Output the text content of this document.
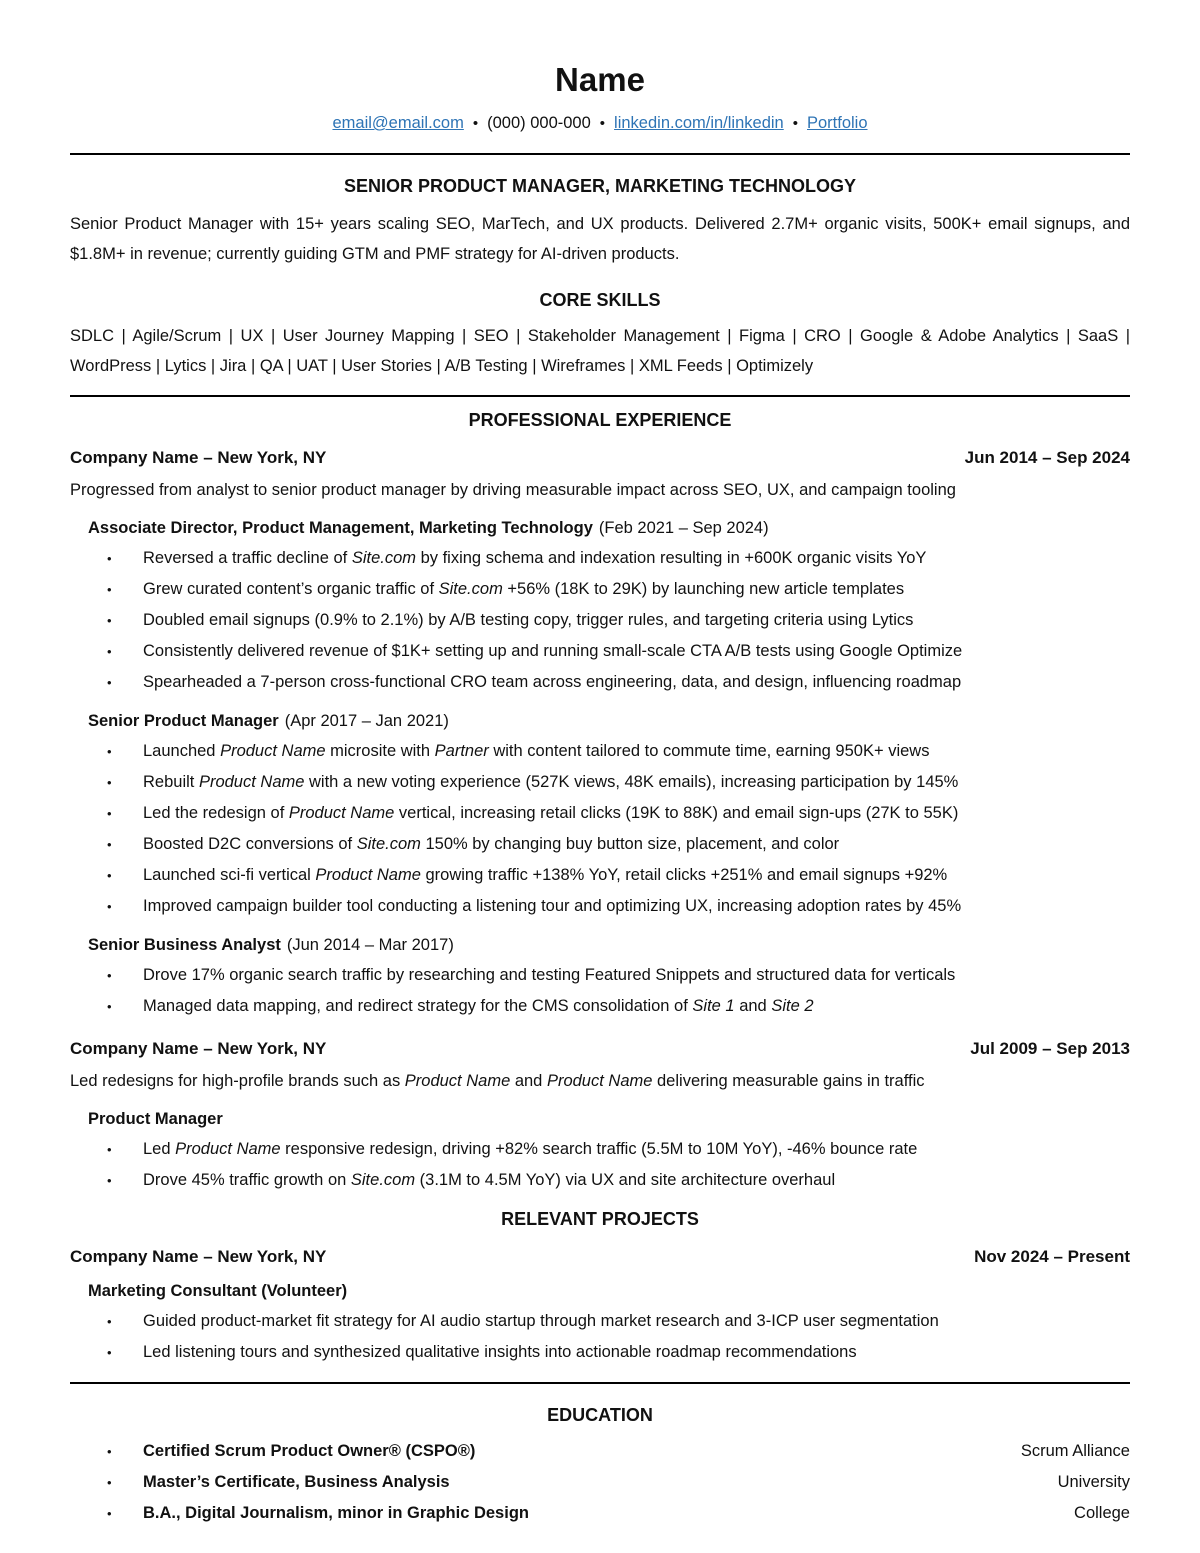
Name
email@email.com • (000) 000-000 • linkedin.com/in/linkedin • Portfolio
SENIOR PRODUCT MANAGER, MARKETING TECHNOLOGY

Senior Product Manager with 15+ years scaling SEO, MarTech, and UX products. Delivered 2.7M+ organic visits, 500K+ email signups, and $1.8M+ in revenue; currently guiding GTM and PMF strategy for AI-driven products.

CORE SKILLS

SDLC | Agile/Scrum | UX | User Journey Mapping | SEO | Stakeholder Management | Figma | CRO | Google & Adobe Analytics | SaaS | WordPress | Lytics | Jira | QA | UAT | User Stories | A/B Testing | Wireframes | XML Feeds | Optimizely

PROFESSIONAL EXPERIENCE
Company Name – New York, NY	Jun 2014 – Sep 2024

Progressed from analyst to senior product manager by driving measurable impact across SEO, UX, and campaign tooling

Associate Director, Product Management, Marketing Technology (Feb 2021 – Sep 2024)
•	Reversed a traffic decline of Site.com by fixing schema and indexation resulting in +600K organic visits YoY
•	Grew curated content’s organic traffic of Site.com +56% (18K to 29K) by launching new article templates
•	Doubled email signups (0.9% to 2.1%) by A/B testing copy, trigger rules, and targeting criteria using Lytics
•	Consistently delivered revenue of $1K+ setting up and running small-scale CTA A/B tests using Google Optimize
•	Spearheaded a 7-person cross-functional CRO team across engineering, data, and design, influencing roadmap
Senior Product Manager (Apr 2017 – Jan 2021)
•	Launched Product Name microsite with Partner with content tailored to commute time, earning 950K+ views
•	Rebuilt Product Name with a new voting experience (527K views, 48K emails), increasing participation by 145%
•	Led the redesign of Product Name vertical, increasing retail clicks (19K to 88K) and email sign-ups (27K to 55K)
•	Boosted D2C conversions of Site.com 150% by changing buy button size, placement, and color
•	Launched sci-fi vertical Product Name growing traffic +138% YoY, retail clicks +251% and email signups +92%
•	Improved campaign builder tool conducting a listening tour and optimizing UX, increasing adoption rates by 45%
Senior Business Analyst (Jun 2014 – Mar 2017)
•	Drove 17% organic search traffic by researching and testing Featured Snippets and structured data for verticals
•	Managed data mapping, and redirect strategy for the CMS consolidation of Site 1 and Site 2
Company Name – New York, NY	Jul 2009 – Sep 2013

Led redesigns for high-profile brands such as Product Name and Product Name delivering measurable gains in traffic

Product Manager
•	Led Product Name responsive redesign, driving +82% search traffic (5.5M to 10M YoY), -46% bounce rate
•	Drove 45% traffic growth on Site.com (3.1M to 4.5M YoY) via UX and site architecture overhaul
RELEVANT PROJECTS
Company Name – New York, NY	Nov 2024 – Present
Marketing Consultant (Volunteer)
•	Guided product-market fit strategy for AI audio startup through market research and 3-ICP user segmentation
•	Led listening tours and synthesized qualitative insights into actionable roadmap recommendations
EDUCATION
•	Certified Scrum Product Owner® (CSPO®)	Scrum Alliance
•	Master’s Certificate, Business Analysis	University
•	B.A., Digital Journalism, minor in Graphic Design	College
